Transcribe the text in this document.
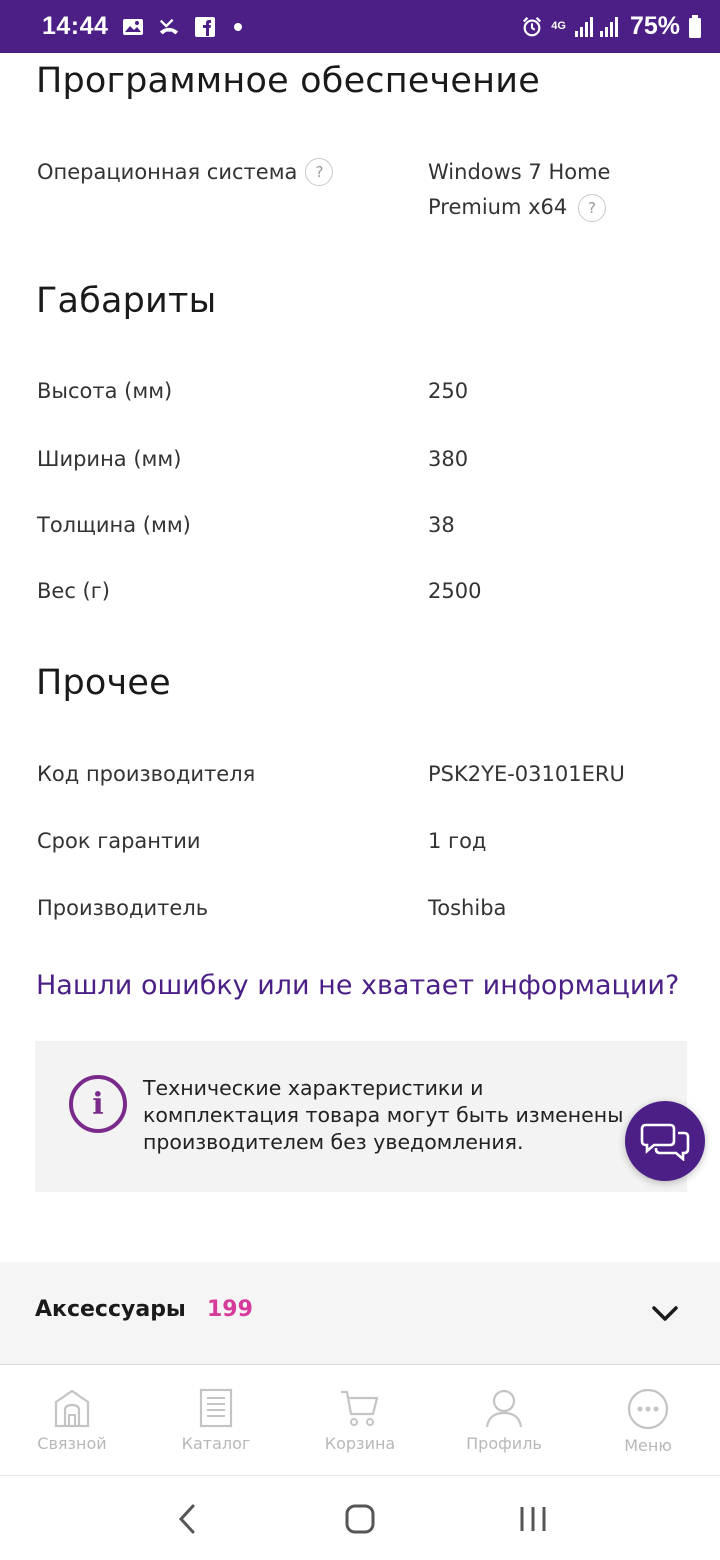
14:44	4G	75%
Программное обеспечение
Операционная система	?	Windows 7 Home
Premium x64 ?
Габариты
Высота (мм)	250
Ширина (мм)	380
Толщина (мм)	38
Вес (г)	2500
Прочее
Код производителя	PSK2YE-03101ERU
Срок гарантии	1 год
Производитель	Toshiba
Нашли ошибку или не хватает информации?
i	Технические характеристики и
комплектация товара могут быть изменены
производителем без уведомления.
Аксессуары 199
Связной	Каталог	Корзина	Профиль	Меню
